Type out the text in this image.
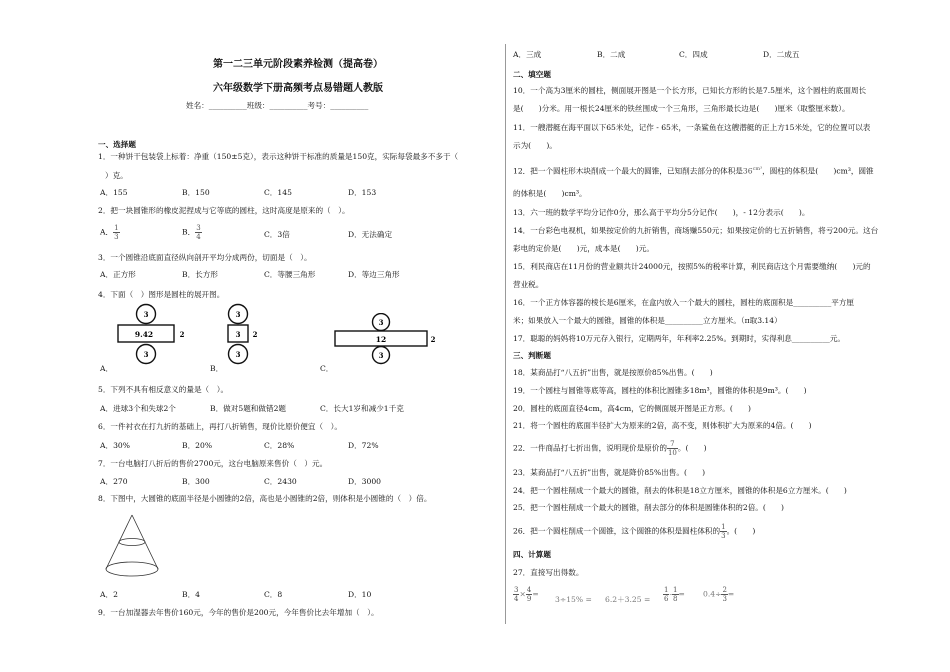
第一二三单元阶段素养检测（提高卷）
六年级数学下册高频考点易错题人教版
姓名：__________班级：__________考号：__________
一、选择题
1．一种饼干包装袋上标着：净重（150±5克），表示这种饼干标准的质量是150克，实际每袋最多不多于（
）克。
A．155	B．150	C．145	D．153
2．把一块圆锥形的橡皮泥捏成与它等底的圆柱，这时高度是原来的（　）。
A． $\frac{1}{3}$	B． $\frac{3}{4}$	C．3倍	D．无法确定
3．一个圆锥沿底面直径纵向剖开平均分成两份，切面是（　）。
A．正方形	B．长方形	C．等腰三角形	D．等边三角形
4．下面（　）图形是圆柱的展开图。
3
9.42	2
3
3
3 2
3
3
12	2
3
A．	B．	C．
5．下列不具有相反意义的量是（　）。
A．进球3个和失球2个	B．做对5题和做错2题	C．长大1岁和减少1千克
6．一件衬衣在打九折的基础上，再打八折销售，现价比原价便宜（　）。
A．30%	B．20%	C．28%	D．72%
7．一台电脑打八折后的售价2700元，这台电脑原来售价（　）元。
A．270	B．300	C．2430	D．3000
8．下图中，大圆锥的底面半径是小圆锥的2倍，高也是小圆锥的2倍，则体积是小圆锥的（　）倍。
A．2	B．4	C．8	D．10
9．一台加湿器去年售价160元，今年的售价是200元，今年售价比去年增加（　）。
A．三成	B．二成	C．四成	D．二成五
二、填空题
10．一个高为3厘米的圆柱，侧面展开图是一个长方形，已知长方形的长是7.5厘米，这个圆柱的底面周长
是(　　)分米。用一根长24厘米的铁丝围成一个三角形，三角形最长边是(　　)厘米（取整厘米数）。
11．一艘潜艇在海平面以下65米处，记作 - 65米，一条鲨鱼在这艘潜艇的正上方15米处，它的位置可以表
示为(　　)。
12．把一个圆柱形木块削成一个最大的圆锥，已知削去部分的体积是$36^{cm^3}$，圆柱的体积是(　　)cm³，圆锥
的体积是(　　)cm³。
13．六一班的数学平均分记作0分，那么高于平均分5分记作(　　)，- 12分表示(　　)。
14．一台彩色电视机，如果按定价的九折销售，商场赚550元；如果按定价的七五折销售，将亏200元。这台
彩电的定价是(　　)元，成本是(　　)元。
15．利民商店在11月份的营业额共计24000元，按照5%的税率计算，利民商店这个月需要缴纳(　　)元的
营业税。
16．一个正方体容器的棱长是6厘米，在盒内放入一个最大的圆柱，圆柱的底面积是__________平方厘
米；如果放入一个最大的圆锥，圆锥的体积是__________立方厘米。（π取3.14）
17．聪聪的妈妈将10万元存入银行，定期两年，年利率2.25%。到期时，实得利息__________元。
三、判断题
18．某商品打“八五折”出售，就是按原价85%出售。(　　)
19．一个圆柱与圆锥等底等高，圆柱的体积比圆锥多18m³，圆锥的体积是9m³。(　　)
20．圆柱的底面直径4cm，高4cm，它的侧面展开图是正方形。(　　)
21．将一个圆柱的底面半径扩大为原来的2倍，高不变，则体积扩大为原来的4倍。(　　)
22．一件商品打七折出售，说明现价是原价的 $\frac{7}{10}$ 。(　　)
23．某商品打“八五折”出售，就是降价85%出售。(　　)
24．把一个圆柱削成一个最大的圆锥，削去的体积是18立方厘米，圆锥的体积是6立方厘米。(　　)
25．把一个圆柱削成一个最大的圆锥，削去部分的体积是圆锥体积的2倍。(　　)
26．把一个圆柱削成一个圆锥，这个圆锥的体积是圆柱体积的 $\frac{1}{3}$ 。(　　)
四、计算题
27．直接写出得数。
$\frac{3}{4} \times \frac{4}{9}$ =
$3\div 15\% = 6.2+3.25 = \frac{1}{6} - \frac{1}{8} = 0.4\div \frac{2}{3}$ =
